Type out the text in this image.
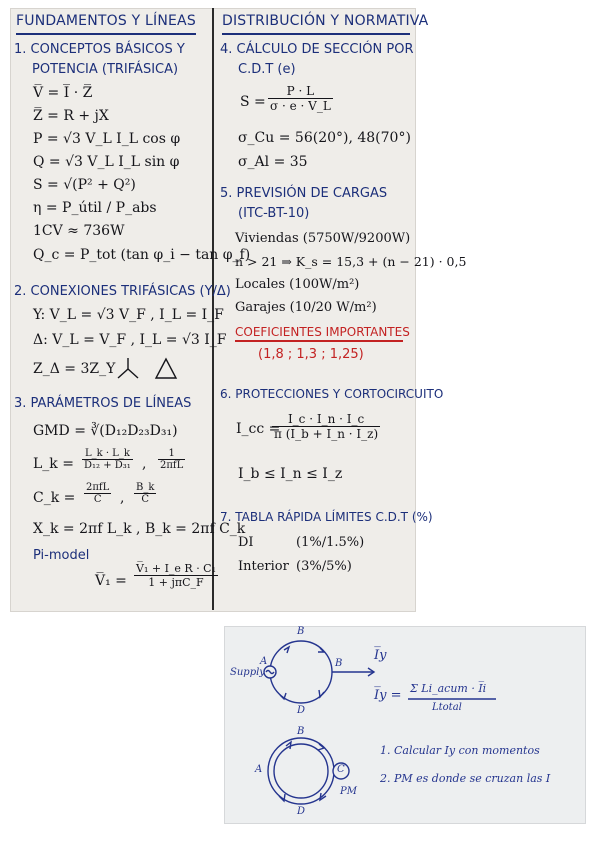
FUNDAMENTOS Y LÍNEAS
1. CONCEPTOS BÁSICOS Y
POTENCIA (TRIFÁSICA)
V̅ = I̅ · Z̅
Z̅ = R + jX
P = √3 V_L I_L cos φ
Q = √3 V_L I_L sin φ
S = √(P² + Q²)
η = P_útil / P_abs
1CV ≈ 736W
Q_c = P_tot (tan φ_i − tan φ_f)
2. CONEXIONES TRIFÁSICAS (Y/Δ)
Y: V_L = √3 V_F , I_L = I_F
Δ: V_L = V_F , I_L = √3 I_F
Z_Δ = 3Z_Y
3. PARÁMETROS DE LÍNEAS
GMD = ∛(D₁₂D₂₃D₃₁)
L_k = $\frac{L\_k \cdot L\_k}{\text{D₁₂ + D₃₁}}$ ,
1
2πfL
C_k =
2πfL
C	, $\frac{B\_k}{C}$
X_k = 2πf L_k , B_k = 2πf C_k
Pi-model
V̅₁ =
V̅₁ + I_e R · C₁
1 + jπC̅_F
DISTRIBUCIÓN Y NORMATIVA
4. CÁLCULO DE SECCIÓN POR
C.D.T (e)
$S = \frac{P \cdot L}{\sigma \cdot e \cdot V\_L}$
σ_Cu = 56(20°), 48(70°)
σ_Al = 35
5. PREVISIÓN DE CARGAS
(ITC-BT-10)
Viviendas (5750W/9200W)
n > 21 ⇒ K_s = 15,3 + (n − 21) · 0,5
Locales (100W/m²)
Garajes (10/20 W/m²)
COEFICIENTES IMPORTANTES
(1,8 ; 1,3 ; 1,25)
6. PROTECCIONES Y CORTOCIRCUITO
I_cc =
$\frac{I\_c \cdot I\_n \cdot I\_c}{\pi (I\_b + I\_n \cdot I\_z)}$
I_b ≤ I_n ≤ I_z
7. TABLA RÁPIDA LÍMITES C.D.T (%)
DI	(1%/1.5%)
Interior (3%/5%)
Supply
A
B
B
D
I̅y
I̅y = Σ Li_acum · I̅i
Ltotal
B
A	C
D
PM
1. Calcular Iy con momentos
2. PM es donde se cruzan las I
